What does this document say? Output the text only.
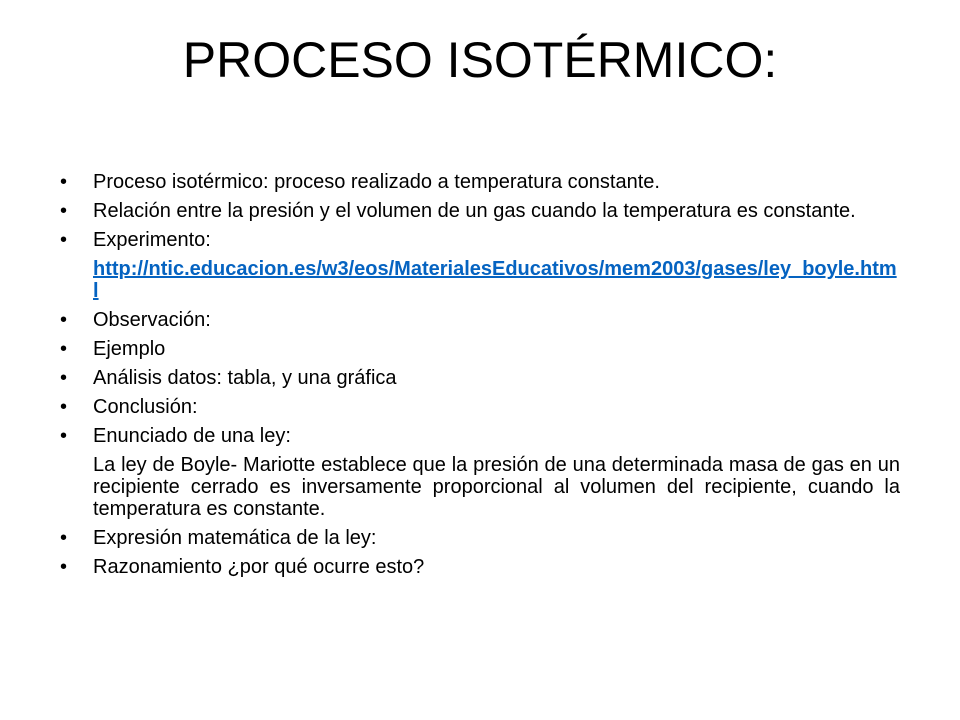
PROCESO ISOTÉRMICO:
• Proceso isotérmico: proceso realizado a temperatura constante.
• Relación entre la presión y el volumen de un gas cuando la temperatura es constante.
• Experimento:
http://ntic.educacion.es/w3/eos/MaterialesEducativos/mem2003/gases/ley_boyle.html
• Observación:
• Ejemplo
• Análisis datos: tabla, y una gráfica
• Conclusión:
• Enunciado de una ley:
La ley de Boyle- Mariotte establece que la presión de una determinada masa de gas en un recipiente cerrado es inversamente proporcional al volumen del recipiente, cuando la temperatura es constante.
• Expresión matemática de la ley:
• Razonamiento ¿por qué ocurre esto?
